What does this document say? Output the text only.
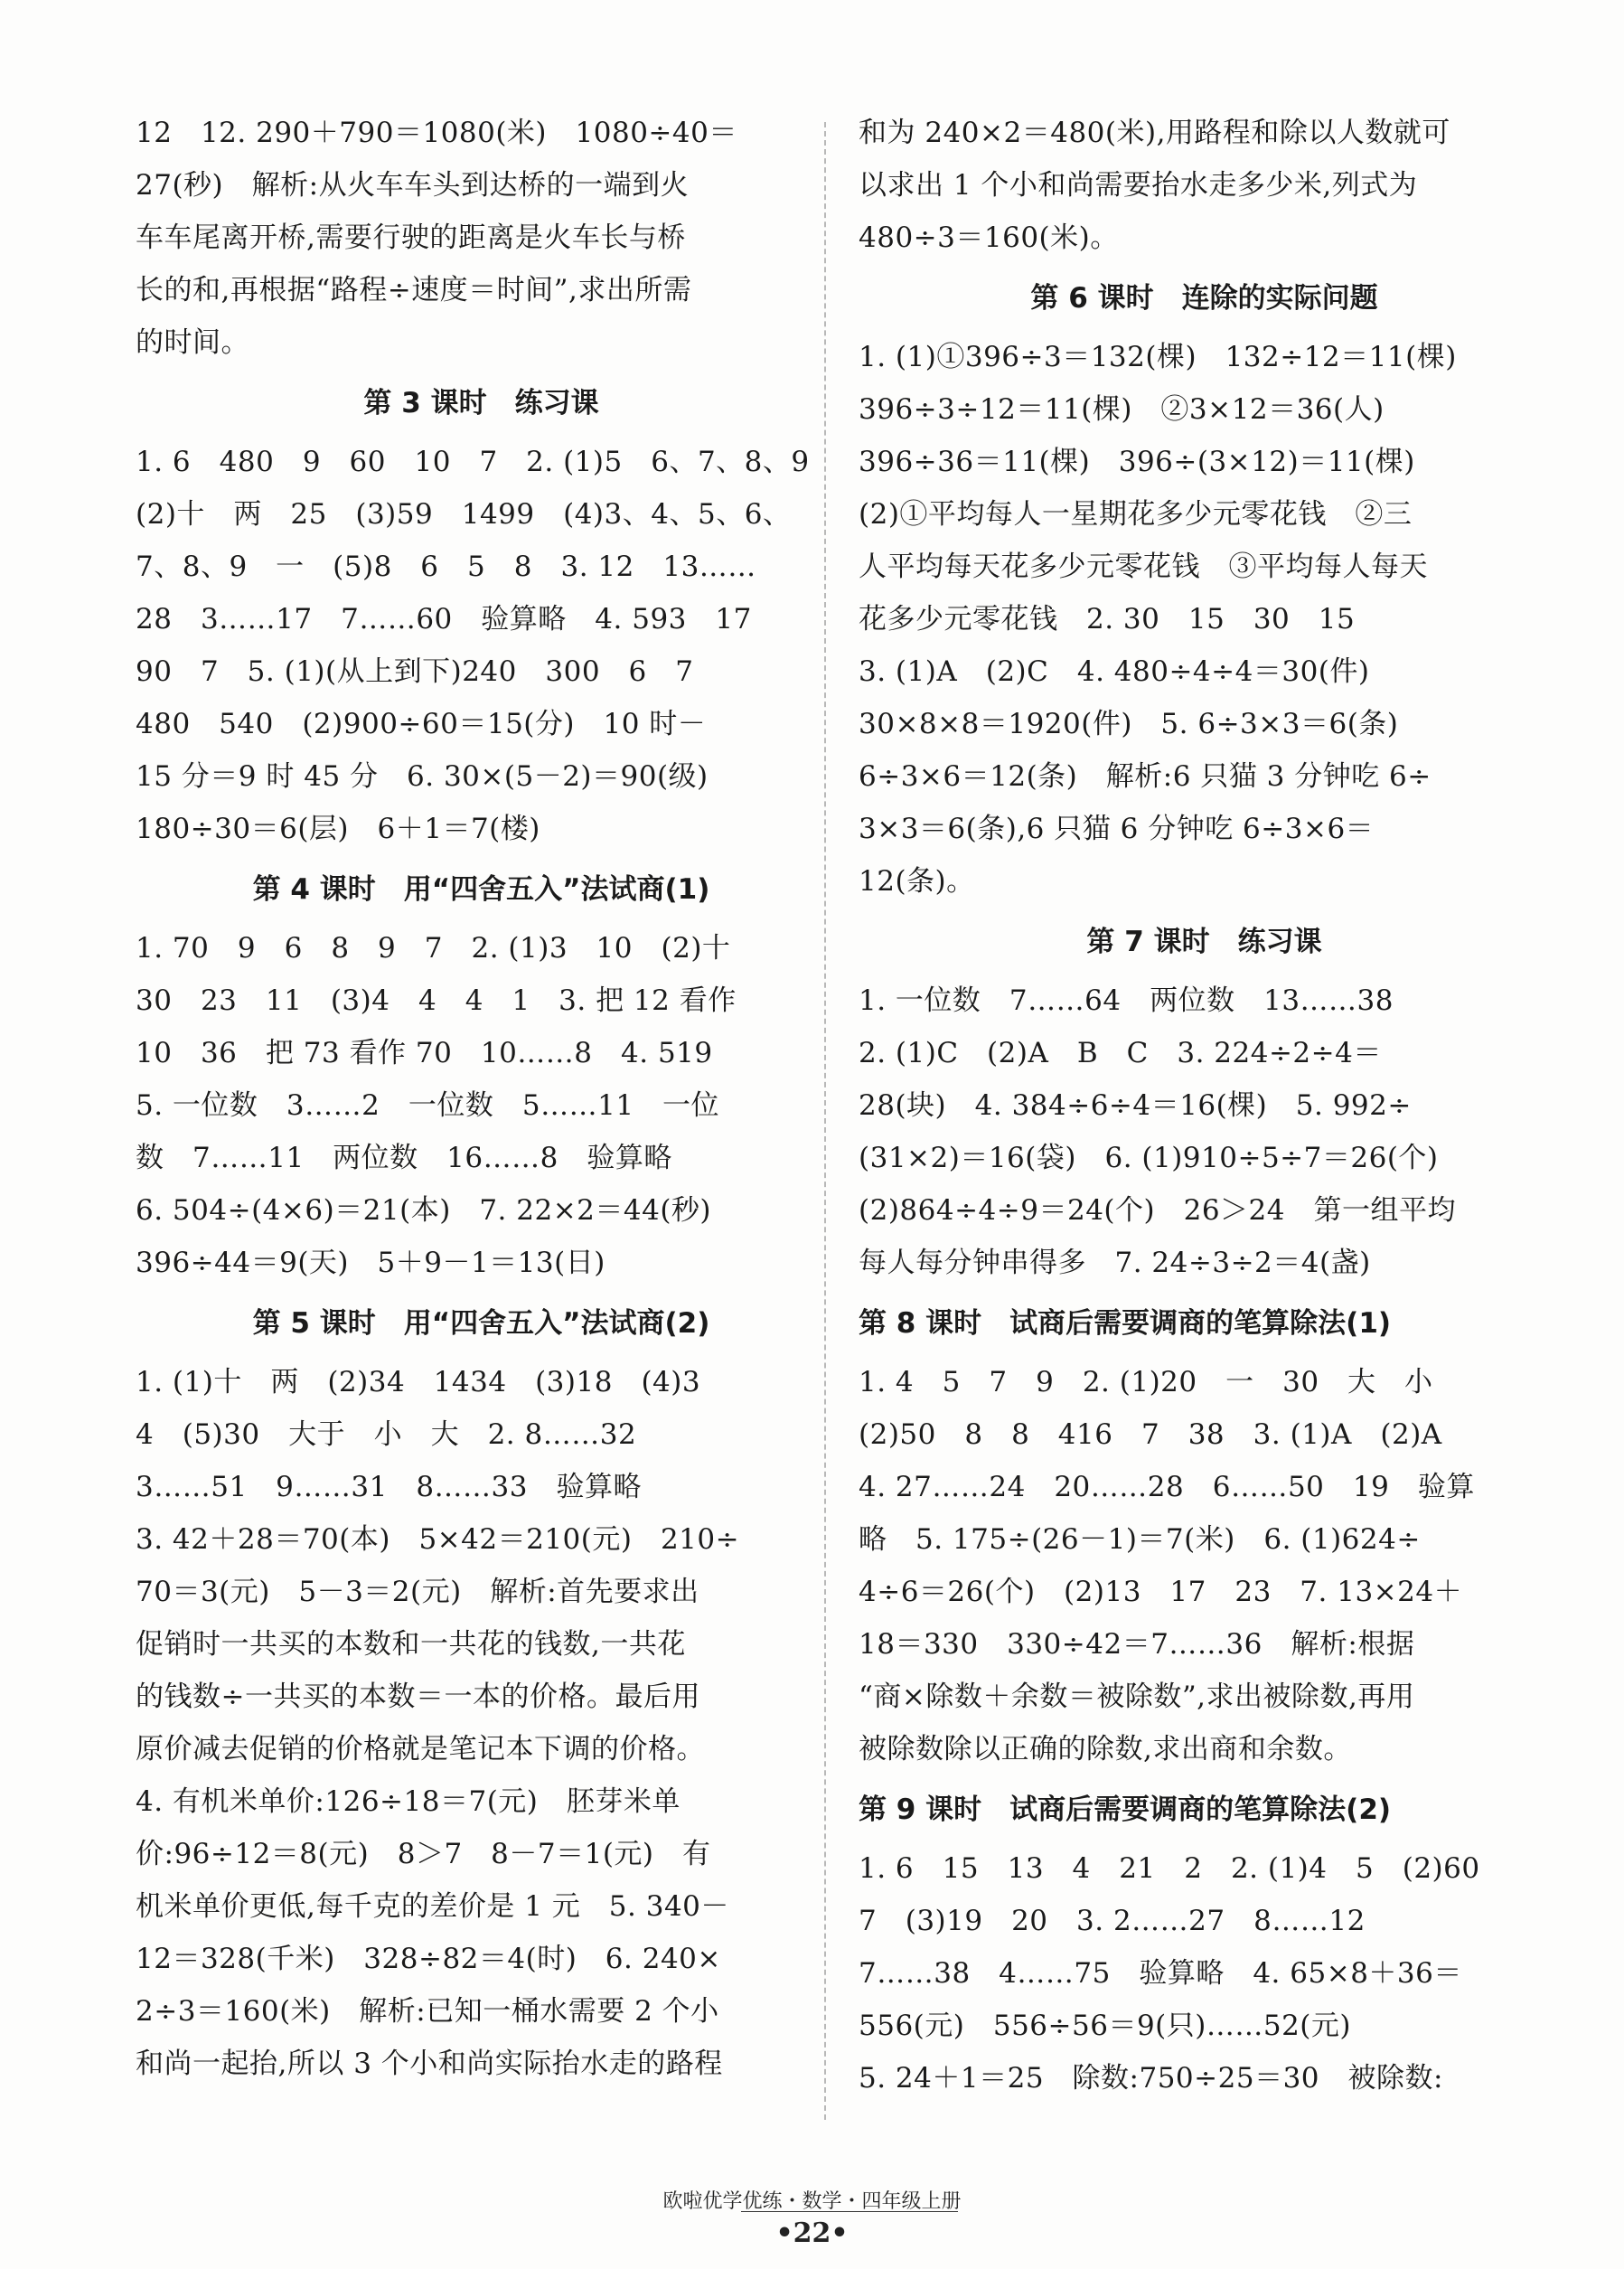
12　12. 290＋790＝1080(米)　1080÷40＝
27(秒)　解析:从火车车头到达桥的一端到火
车车尾离开桥,需要行驶的距离是火车长与桥
长的和,再根据“路程÷速度＝时间”,求出所需
的时间。
第 3 课时　练习课
1. 6　480　9　60　10　7　2. (1)5　6、7、8、9
(2)十　两　25　(3)59　1499　(4)3、4、5、6、
7、8、9　一　(5)8　6　5　8　3. 12　13……
28　3……17　7……60　验算略　4. 593　17
90　7　5. (1)(从上到下)240　300　6　7
480　540　(2)900÷60＝15(分)　10 时－
15 分＝9 时 45 分　6. 30×(5－2)＝90(级)
180÷30＝6(层)　6＋1＝7(楼)
第 4 课时　用“四舍五入”法试商(1)
1. 70　9　6　8　9　7　2. (1)3　10　(2)十
30　23　11　(3)4　4　4　1　3. 把 12 看作
10　36　把 73 看作 70　10……8　4. 519
5. 一位数　3……2　一位数　5……11　一位
数　7……11　两位数　16……8　验算略
6. 504÷(4×6)＝21(本)　7. 22×2＝44(秒)
396÷44＝9(天)　5＋9－1＝13(日)
第 5 课时　用“四舍五入”法试商(2)
1. (1)十　两　(2)34　1434　(3)18　(4)3
4　(5)30　大于　小　大　2. 8……32
3……51　9……31　8……33　验算略
3. 42＋28＝70(本)　5×42＝210(元)　210÷
70＝3(元)　5－3＝2(元)　解析:首先要求出
促销时一共买的本数和一共花的钱数,一共花
的钱数÷一共买的本数＝一本的价格。最后用
原价减去促销的价格就是笔记本下调的价格。
4. 有机米单价:126÷18＝7(元)　胚芽米单
价:96÷12＝8(元)　8＞7　8－7＝1(元)　有
机米单价更低,每千克的差价是 1 元　5. 340－
12＝328(千米)　328÷82＝4(时)　6. 240×
2÷3＝160(米)　解析:已知一桶水需要 2 个小
和尚一起抬,所以 3 个小和尚实际抬水走的路程
和为 240×2＝480(米),用路程和除以人数就可
以求出 1 个小和尚需要抬水走多少米,列式为
480÷3＝160(米)。
第 6 课时　连除的实际问题
1. (1)①396÷3＝132(棵)　132÷12＝11(棵)
396÷3÷12＝11(棵)　②3×12＝36(人)
396÷36＝11(棵)　396÷(3×12)＝11(棵)
(2)①平均每人一星期花多少元零花钱　②三
人平均每天花多少元零花钱　③平均每人每天
花多少元零花钱　2. 30　15　30　15
3. (1)A　(2)C　4. 480÷4÷4＝30(件)
30×8×8＝1920(件)　5. 6÷3×3＝6(条)
6÷3×6＝12(条)　解析:6 只猫 3 分钟吃 6÷
3×3＝6(条),6 只猫 6 分钟吃 6÷3×6＝
12(条)。
第 7 课时　练习课
1. 一位数　7……64　两位数　13……38
2. (1)C　(2)A　B　C　3. 224÷2÷4＝
28(块)　4. 384÷6÷4＝16(棵)　5. 992÷
(31×2)＝16(袋)　6. (1)910÷5÷7＝26(个)
(2)864÷4÷9＝24(个)　26＞24　第一组平均
每人每分钟串得多　7. 24÷3÷2＝4(盏)
第 8 课时　试商后需要调商的笔算除法(1)
1. 4　5　7　9　2. (1)20　一　30　大　小
(2)50　8　8　416　7　38　3. (1)A　(2)A
4. 27……24　20……28　6……50　19　验算
略　5. 175÷(26－1)＝7(米)　6. (1)624÷
4÷6＝26(个)　(2)13　17　23　7. 13×24＋
18＝330　330÷42＝7……36　解析:根据
“商×除数＋余数＝被除数”,求出被除数,再用
被除数除以正确的除数,求出商和余数。
第 9 课时　试商后需要调商的笔算除法(2)
1. 6　15　13　4　21　2　2. (1)4　5　(2)60
7　(3)19　20　3. 2……27　8……12
7……38　4……75　验算略　4. 65×8＋36＝
556(元)　556÷56＝9(只)……52(元)
5. 24＋1＝25　除数:750÷25＝30　被除数:
欧啦优学优练・数学・四年级上册
•22•
